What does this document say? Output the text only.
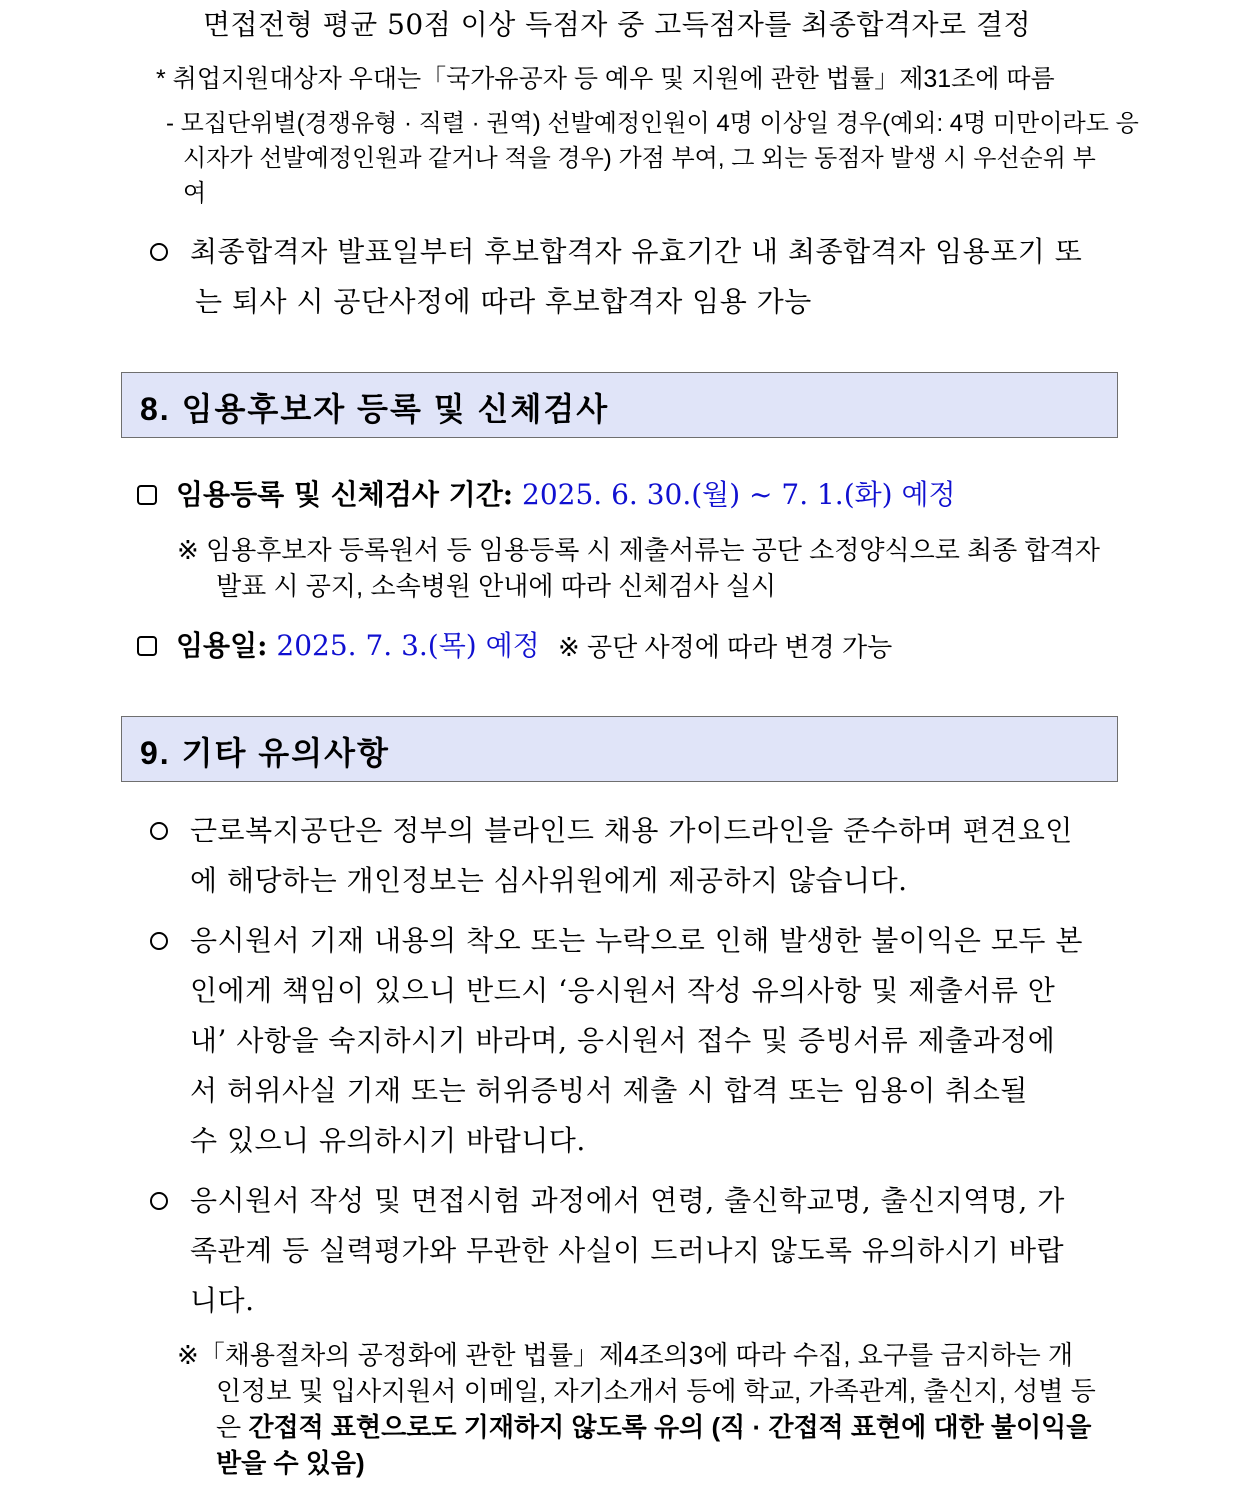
면접전형 평균 50점 이상 득점자 중 고득점자를 최종합격자로 결정
* 취업지원대상자 우대는「국가유공자 등 예우 및 지원에 관한 법률」제31조에 따름
- 모집단위별(경쟁유형 · 직렬 · 권역) 선발예정인원이 4명 이상일 경우(예외: 4명 미만이라도 응
시자가 선발예정인원과 같거나 적을 경우) 가점 부여, 그 외는 동점자 발생 시 우선순위 부
여
최종합격자 발표일부터 후보합격자 유효기간 내 최종합격자 임용포기 또
는 퇴사 시 공단사정에 따라 후보합격자 임용 가능
8. 임용후보자 등록 및 신체검사
임용등록 및 신체검사 기간: 2025. 6. 30.(월) ~ 7. 1.(화) 예정
※ 임용후보자 등록원서 등 임용등록 시 제출서류는 공단 소정양식으로 최종 합격자
발표 시 공지, 소속병원 안내에 따라 신체검사 실시
임용일: 2025. 7. 3.(목) 예정 ※ 공단 사정에 따라 변경 가능
9. 기타 유의사항
근로복지공단은 정부의 블라인드 채용 가이드라인을 준수하며 편견요인
에 해당하는 개인정보는 심사위원에게 제공하지 않습니다.
응시원서 기재 내용의 착오 또는 누락으로 인해 발생한 불이익은 모두 본
인에게 책임이 있으니 반드시 ‘응시원서 작성 유의사항 및 제출서류 안
내’ 사항을 숙지하시기 바라며, 응시원서 접수 및 증빙서류 제출과정에
서 허위사실 기재 또는 허위증빙서 제출 시 합격 또는 임용이 취소될
수 있으니 유의하시기 바랍니다.
응시원서 작성 및 면접시험 과정에서 연령, 출신학교명, 출신지역명, 가
족관계 등 실력평가와 무관한 사실이 드러나지 않도록 유의하시기 바랍
니다.
※「채용절차의 공정화에 관한 법률」제4조의3에 따라 수집, 요구를 금지하는 개
인정보 및 입사지원서 이메일, 자기소개서 등에 학교, 가족관계, 출신지, 성별 등
은 간접적 표현으로도 기재하지 않도록 유의 (직 · 간접적 표현에 대한 불이익을
받을 수 있음)
